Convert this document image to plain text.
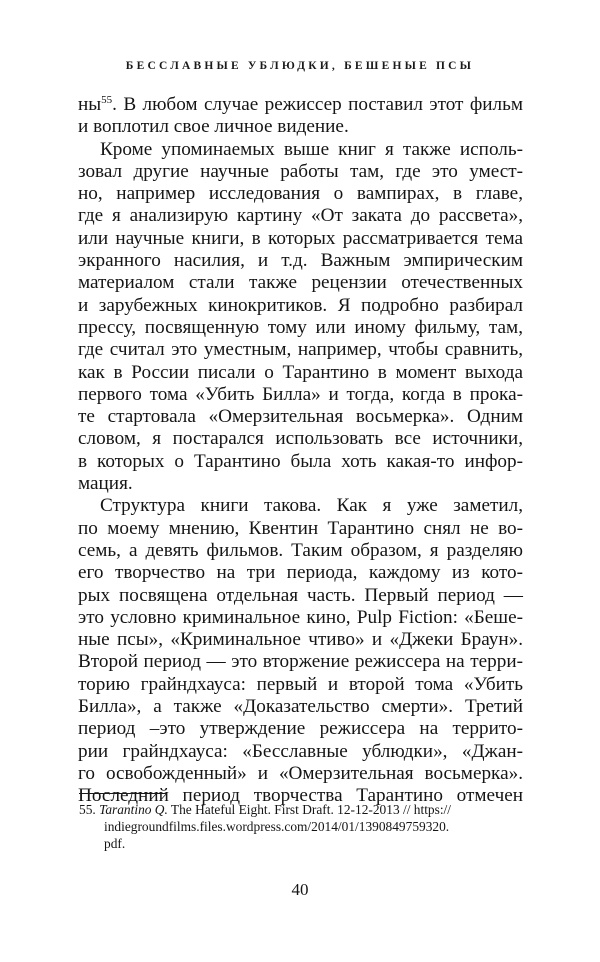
БЕССЛАВНЫЕ УБЛЮДКИ, БЕШЕНЫЕ ПСЫ
ны$^{55}$. В любом случае режиссер поставил этот фильм
и воплотил свое личное видение.
Кроме упоминаемых выше книг я также исполь-
зовал другие научные работы там, где это умест-
но, например исследования о вампирах, в главе,
где я анализирую картину «От заката до рассвета»,
или научные книги, в которых рассматривается тема
экранного насилия, и т.д. Важным эмпирическим
материалом стали также рецензии отечественных
и зарубежных кинокритиков. Я подробно разбирал
прессу, посвященную тому или иному фильму, там,
где считал это уместным, например, чтобы сравнить,
как в России писали о Тарантино в момент выхода
первого тома «Убить Билла» и тогда, когда в прока-
те стартовала «Омерзительная восьмерка». Одним
словом, я постарался использовать все источники,
в которых о Тарантино была хоть какая-то инфор-
мация.
Структура книги такова. Как я уже заметил,
по моему мнению, Квентин Тарантино снял не во-
семь, а девять фильмов. Таким образом, я разделяю
его творчество на три периода, каждому из кото-
рых посвящена отдельная часть. Первый период —
это условно криминальное кино, Pulp Fiction: «Беше-
ные псы», «Криминальное чтиво» и «Джеки Браун».
Второй период — это вторжение режиссера на терри-
торию грайндхауса: первый и второй тома «Убить
Билла», а также «Доказательство смерти». Третий
период –это утверждение режиссера на террито-
рии грайндхауса: «Бесславные ублюдки», «Джан-
го освобожденный» и «Омерзительная восьмерка».
Последний период творчества Тарантино отмечен
55. Tarantino Q. The Hateful Eight. First Draft. 12-12-2013 // https://
indiegroundfilms.files.wordpress.com/2014/01/1390849759320.
pdf.
40
